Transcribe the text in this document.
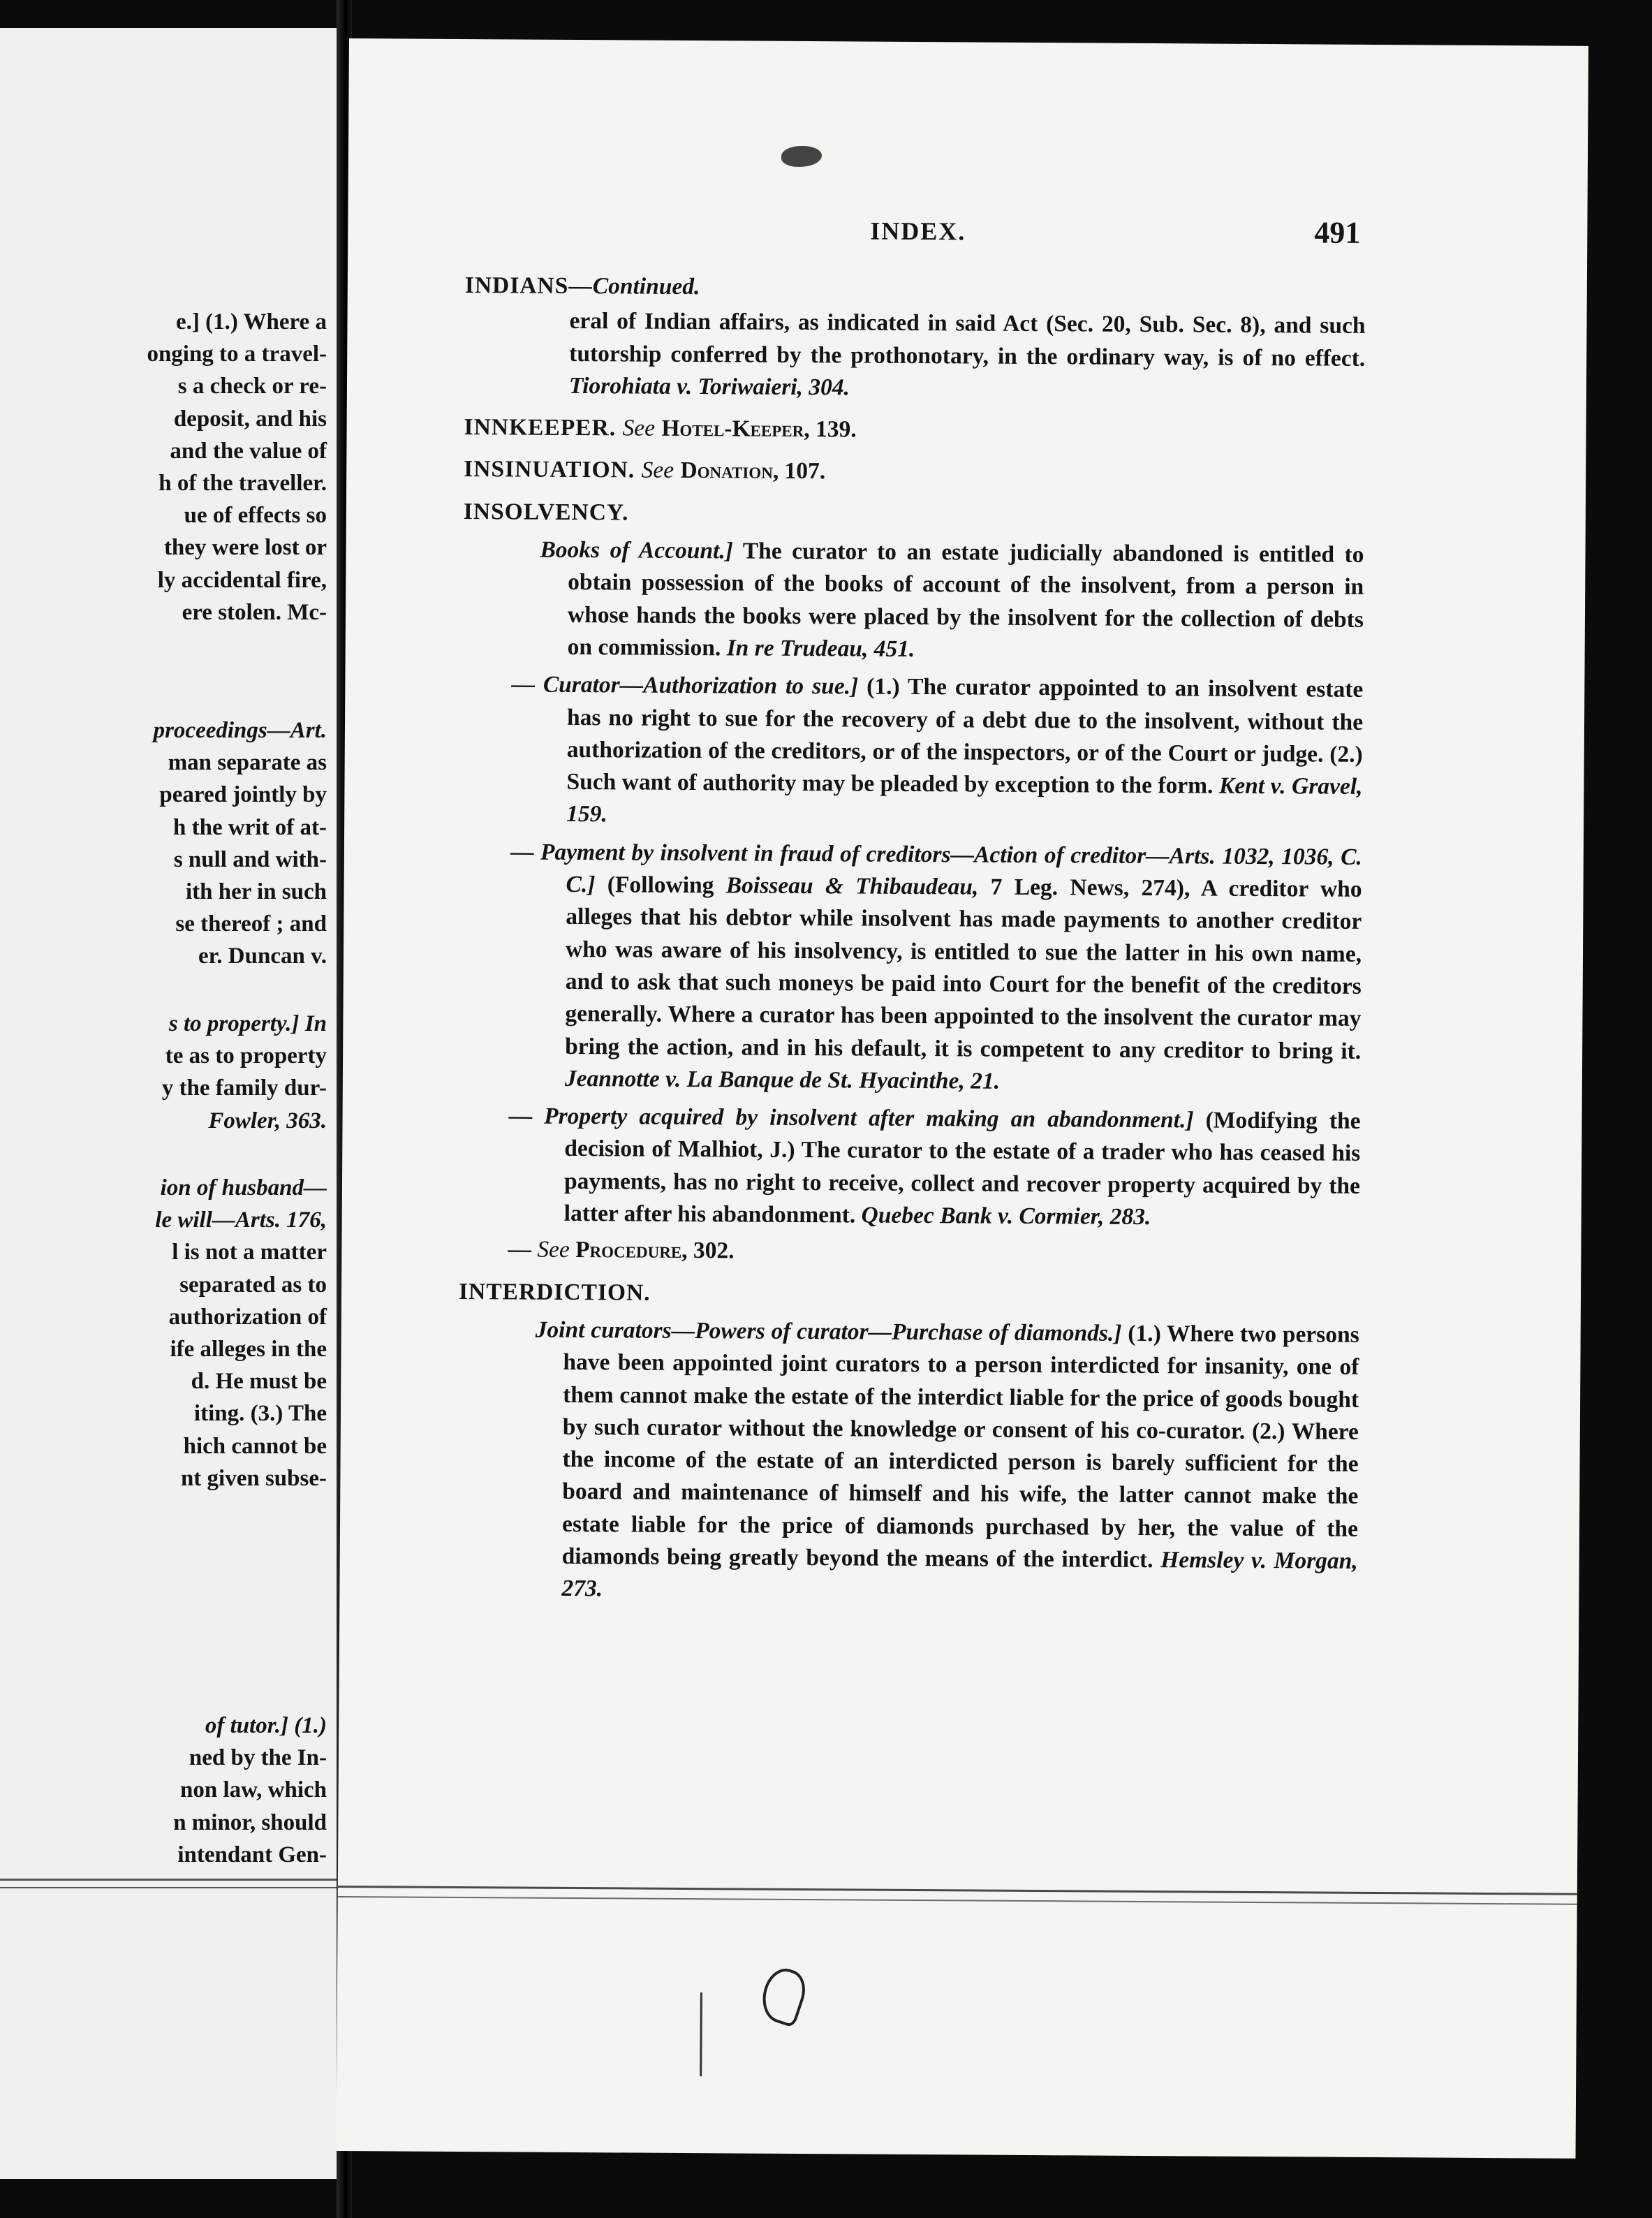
e.] (1.) Where a
onging to a travel-
s a check or re-
deposit, and his
and the value of
h of the traveller.
ue of effects so
they were lost or
ly accidental fire,
ere stolen. Mc-
proceedings—Art.
man separate as
peared jointly by
h the writ of at-
s null and with-
ith her in such
se thereof ; and
er. Duncan v.
s to property.] In
te as to property
y the family dur-
Fowler, 363.
ion of husband—
le will—Arts. 176,
l is not a matter
separated as to
authorization of
ife alleges in the
d. He must be
iting. (3.) The
hich cannot be
nt given subse-
of tutor.] (1.)
ned by the In-
non law, which
n minor, should
intendant Gen-
INDEX.	491
INDIANS—Continued.
eral of Indian affairs, as indicated in said Act (Sec. 20, Sub. Sec. 8), and such tutorship conferred by the prothonotary, in the ordinary way, is of no effect. Tiorohiata v. Toriwaieri, 304.
INNKEEPER. See Hotel-Keeper, 139.
INSINUATION. See Donation, 107.
INSOLVENCY.
Books of Account.] The curator to an estate judicially abandoned is entitled to obtain possession of the books of account of the insolvent, from a person in whose hands the books were placed by the insolvent for the collection of debts on commission. In re Trudeau, 451.
— Curator—Authorization to sue.] (1.) The curator appointed to an insolvent estate has no right to sue for the recovery of a debt due to the insolvent, without the authorization of the creditors, or of the inspectors, or of the Court or judge. (2.) Such want of authority may be pleaded by exception to the form. Kent v. Gravel, 159.
— Payment by insolvent in fraud of creditors—Action of creditor—Arts. 1032, 1036, C. C.] (Following Boisseau & Thibaudeau, 7 Leg. News, 274), A creditor who alleges that his debtor while insolvent has made payments to another creditor who was aware of his insolvency, is entitled to sue the latter in his own name, and to ask that such moneys be paid into Court for the benefit of the creditors generally. Where a curator has been appointed to the insolvent the curator may bring the action, and in his default, it is competent to any creditor to bring it. Jeannotte v. La Banque de St. Hyacinthe, 21.
— Property acquired by insolvent after making an abandonment.] (Modifying the decision of Malhiot, J.) The curator to the estate of a trader who has ceased his payments, has no right to receive, collect and recover property acquired by the latter after his abandonment. Quebec Bank v. Cormier, 283.
— See Procedure, 302.
INTERDICTION.
Joint curators—Powers of curator—Purchase of diamonds.] (1.) Where two persons have been appointed joint curators to a person interdicted for insanity, one of them cannot make the estate of the interdict liable for the price of goods bought by such curator without the knowledge or consent of his co-curator. (2.) Where the income of the estate of an interdicted person is barely sufficient for the board and maintenance of himself and his wife, the latter cannot make the estate liable for the price of diamonds purchased by her, the value of the diamonds being greatly beyond the means of the interdict. Hemsley v. Morgan, 273.
